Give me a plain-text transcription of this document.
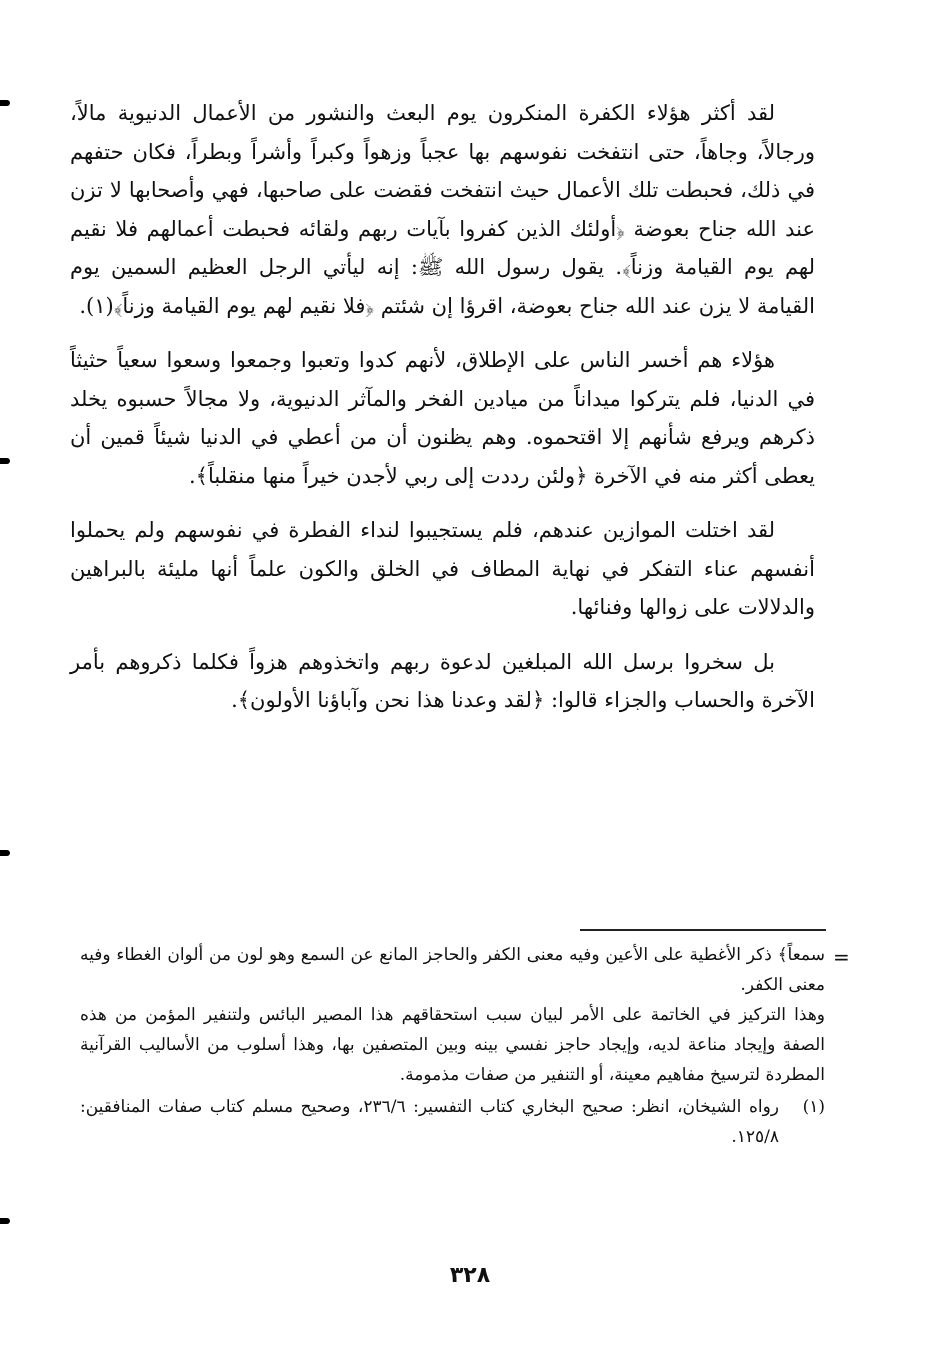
لقد أكثر هؤلاء الكفرة المنكرون يوم البعث والنشور من الأعمال الدنيوية مالاً، ورجالاً، وجاهاً، حتى انتفخت نفوسهم بها عجباً وزهواً وكبراً وأشراً وبطراً، فكان حتفهم في ذلك، فحبطت تلك الأعمال حيث انتفخت فقضت على صاحبها، فهي وأصحابها لا تزن عند الله جناح بعوضة ﴿أولئك الذين كفروا بآيات ربهم ولقائه فحبطت أعمالهم فلا نقيم لهم يوم القيامة وزناً﴾. يقول رسول الله ﷺ: إنه ليأتي الرجل العظيم السمين يوم القيامة لا يزن عند الله جناح بعوضة، اقرؤا إن شئتم ﴿فلا نقيم لهم يوم القيامة وزناً﴾(١).

هؤلاء هم أخسر الناس على الإطلاق، لأنهم كدوا وتعبوا وجمعوا وسعوا سعياً حثيثاً في الدنيا، فلم يتركوا ميداناً من ميادين الفخر والمآثر الدنيوية، ولا مجالاً حسبوه يخلد ذكرهم ويرفع شأنهم إلا اقتحموه. وهم يظنون أن من أعطي في الدنيا شيئاً قمين أن يعطى أكثر منه في الآخرة ﴿ولئن رددت إلى ربي لأجدن خيراً منها منقلباً﴾.

لقد اختلت الموازين عندهم، فلم يستجيبوا لنداء الفطرة في نفوسهم ولم يحملوا أنفسهم عناء التفكر في نهاية المطاف في الخلق والكون علماً أنها مليئة بالبراهين والدلالات على زوالها وفنائها.

بل سخروا برسل الله المبلغين لدعوة ربهم واتخذوهم هزواً فكلما ذكروهم بأمر الآخرة والحساب والجزاء قالوا: ﴿لقد وعدنا هذا نحن وآباؤنا الأولون﴾.

=

سمعاً﴾ ذكر الأغطية على الأعين وفيه معنى الكفر والحاجز المانع عن السمع وهو لون من ألوان الغطاء وفيه معنى الكفر.

وهذا التركيز في الخاتمة على الأمر لبيان سبب استحقاقهم هذا المصير البائس ولتنفير المؤمن من هذه الصفة وإيجاد مناعة لديه، وإيجاد حاجز نفسي بينه وبين المتصفين بها، وهذا أسلوب من الأساليب القرآنية المطردة لترسيخ مفاهيم معينة، أو التنفير من صفات مذمومة.

(١)
رواه الشيخان، انظر: صحيح البخاري كتاب التفسير: ٢٣٦/٦، وصحيح مسلم كتاب صفات المنافقين: ١٢٥/٨.
٣٢٨
